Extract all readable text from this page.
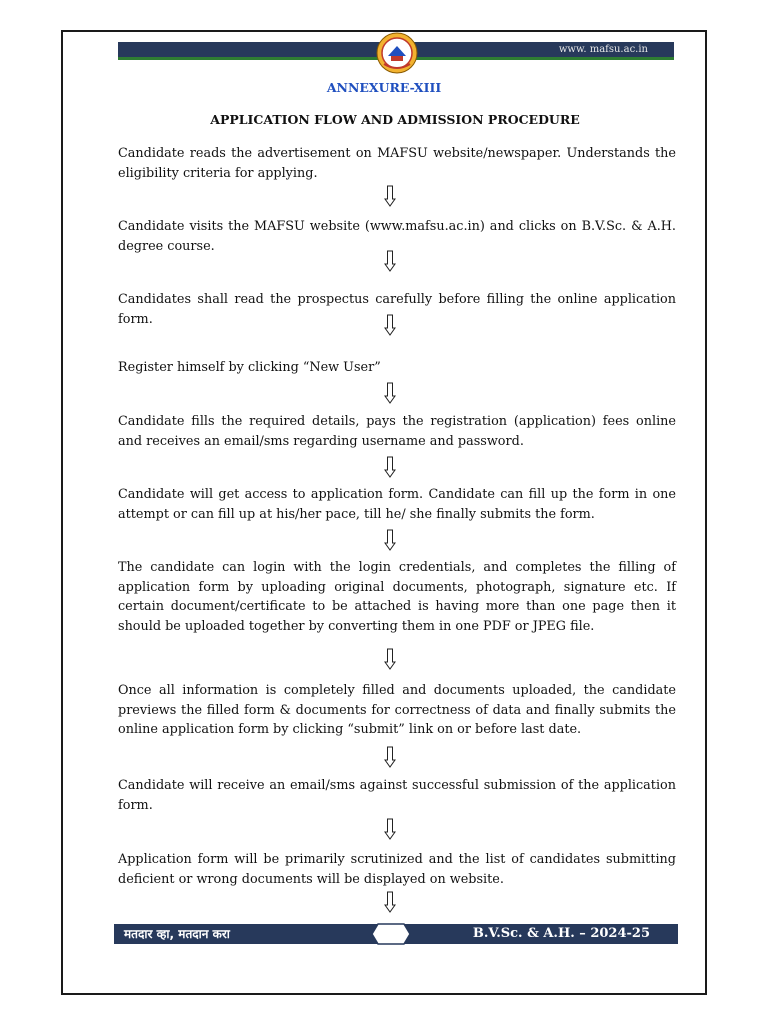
www. mafsu.ac.in
ANNEXURE-XIII
APPLICATION FLOW AND ADMISSION PROCEDURE
Candidate reads the advertisement on MAFSU website/newspaper. Understands the eligibility criteria for applying.
Candidate visits the MAFSU website (www.mafsu.ac.in) and clicks on B.V.Sc. & A.H. degree course.
Candidates shall read the prospectus carefully before filling the online application form.
Register himself by clicking “New User”
Candidate fills the required details, pays the registration (application) fees online and receives an email/sms regarding username and password.
Candidate will get access to application form. Candidate can fill up the form in one attempt or can fill up at his/her pace, till he/ she finally submits the form.
The candidate can login with the login credentials, and completes the filling of application form by uploading original documents, photograph, signature etc. If certain document/certificate to be attached is having more than one page then it should be uploaded together by converting them in one PDF or JPEG file.
Once all information is completely filled and documents uploaded, the candidate previews the filled form & documents for correctness of data and finally submits the online application form by clicking “submit” link on or before last date.
Candidate will receive an email/sms against successful submission of the application form.
Application form will be primarily scrutinized and the list of candidates submitting deficient or wrong documents will be displayed on website.
मतदार व्हा, मतदान करा	B.V.Sc. & A.H. – 2024-25
